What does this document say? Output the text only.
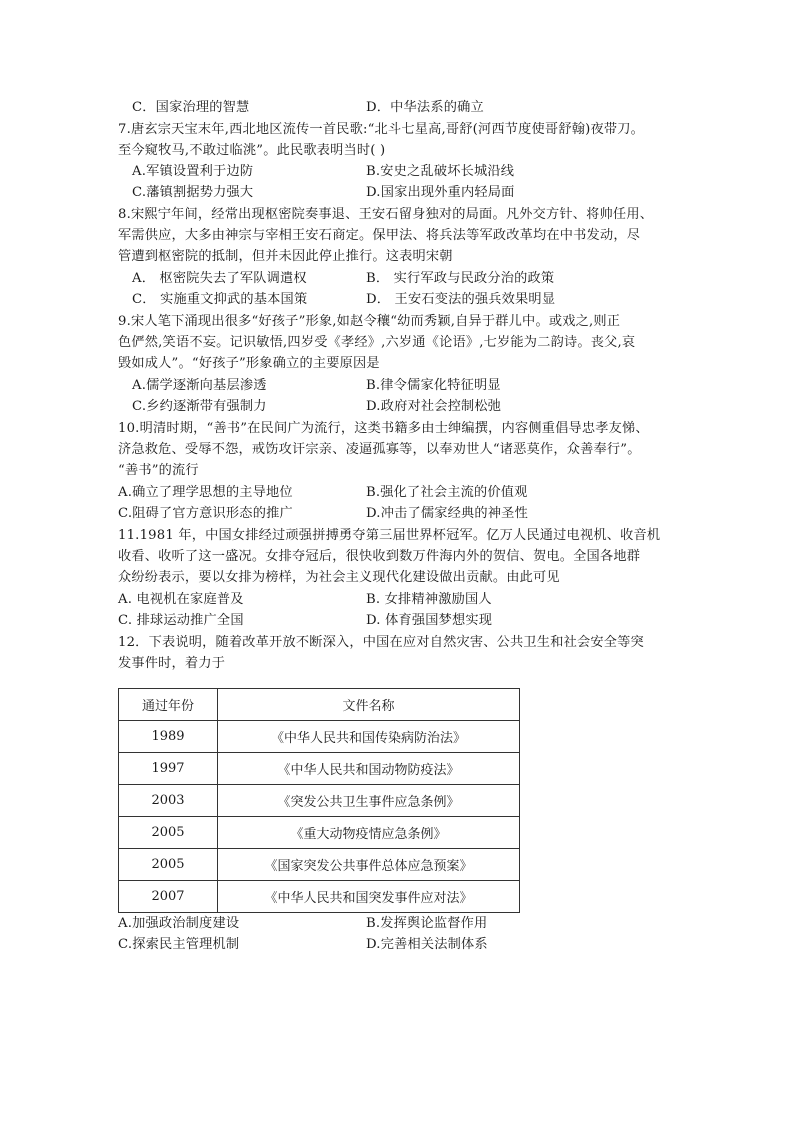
C．国家治理的智慧	D．中华法系的确立
7.唐玄宗天宝末年,西北地区流传一首民歌:“北斗七星高,哥舒(河西节度使哥舒翰)夜带刀。
至今窥牧马,不敢过临洮”。此民歌表明当时( )
A.军镇设置利于边防	B.安史之乱破坏长城沿线
C.藩镇割据势力强大	D.国家出现外重内轻局面
8.宋熙宁年间，经常出现枢密院奏事退、王安石留身独对的局面。凡外交方针、将帅任用、
军需供应，大多由神宗与宰相王安石商定。保甲法、将兵法等军政改革均在中书发动，尽
管遭到枢密院的抵制，但并未因此停止推行。这表明宋朝
A． 枢密院失去了军队调遣权	B． 实行军政与民政分治的政策
C． 实施重文抑武的基本国策	D． 王安石变法的强兵效果明显
9.宋人笔下涌现出很多“好孩子”形象,如赵令穰“幼而秀颖,自异于群儿中。或戏之,则正
色俨然,笑语不妄。记识敏悟,四岁受《孝经》,六岁通《论语》,七岁能为二韵诗。丧父,哀
毁如成人”。“好孩子”形象确立的主要原因是
A.儒学逐渐向基层渗透	B.律令儒家化特征明显
C.乡约逐渐带有强制力	D.政府对社会控制松弛
10.明清时期，“善书”在民间广为流行，这类书籍多由士绅编撰，内容侧重倡导忠孝友悌、
济急救危、受辱不怨，戒饬攻讦宗亲、凌逼孤寡等，以奉劝世人“诸恶莫作，众善奉行”。
“善书”的流行
A.确立了理学思想的主导地位	B.强化了社会主流的价值观
C.阻碍了官方意识形态的推广	D.冲击了儒家经典的神圣性
11.1981 年，中国女排经过顽强拼搏勇夺第三届世界杯冠军。亿万人民通过电视机、收音机
收看、收听了这一盛况。女排夺冠后，很快收到数万件海内外的贺信、贺电。全国各地群
众纷纷表示，要以女排为榜样，为社会主义现代化建设做出贡献。由此可见
A. 电视机在家庭普及	B. 女排精神激励国人
C. 排球运动推广全国	D. 体育强国梦想实现
12．下表说明，随着改革开放不断深入，中国在应对自然灾害、公共卫生和社会安全等突
发事件时，着力于
通过年份	文件名称
1989	《中华人民共和国传染病防治法》
1997	《中华人民共和国动物防疫法》
2003	《突发公共卫生事件应急条例》
2005	《重大动物疫情应急条例》
2005	《国家突发公共事件总体应急预案》
2007	《中华人民共和国突发事件应对法》
A.加强政治制度建设	B.发挥舆论监督作用
C.探索民主管理机制	D.完善相关法制体系
